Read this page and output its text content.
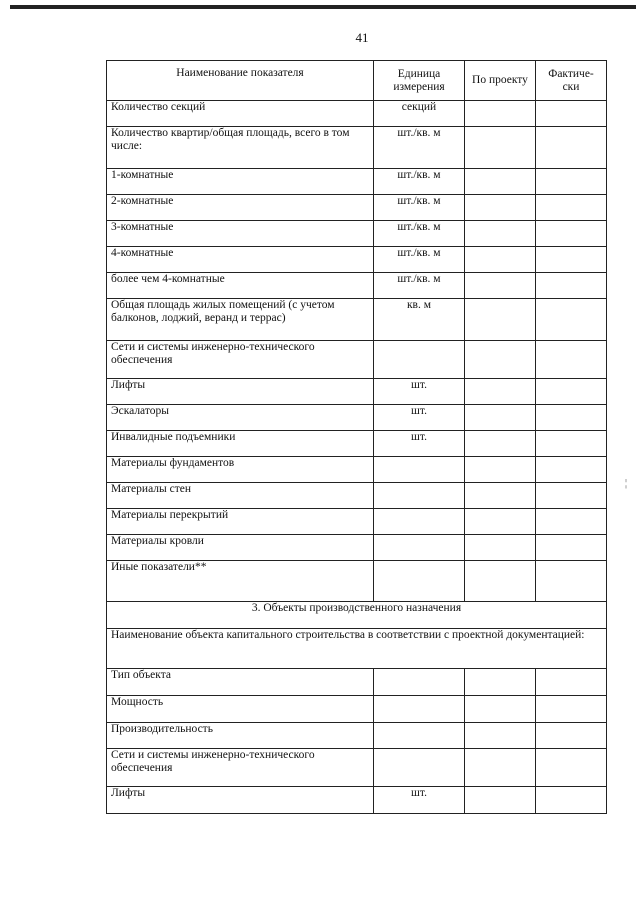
41
Наименование показателя	Единица измерения	По проекту	Фактиче-ски
Количество секций	секций		
Количество квартир/общая площадь, всего в том числе:	шт./кв. м		
1-комнатные	шт./кв. м		
2-комнатные	шт./кв. м		
3-комнатные	шт./кв. м		
4-комнатные	шт./кв. м		
более чем 4-комнатные	шт./кв. м		
Общая площадь жилых помещений (с учетом балконов, лоджий, веранд и террас)	кв. м		
Сети и системы инженерно-технического обеспечения			
Лифты	шт.		
Эскалаторы	шт.		
Инвалидные подъемники	шт.		
Материалы фундаментов			
Материалы стен			
Материалы перекрытий			
Материалы кровли			
Иные показатели**			
3. Объекты производственного назначения			
Наименование объекта капитального строительства в соответствии с проектной документацией:			
Тип объекта			
Мощность			
Производительность			
Сети и системы инженерно-технического обеспечения			
Лифты	шт.		
¦
